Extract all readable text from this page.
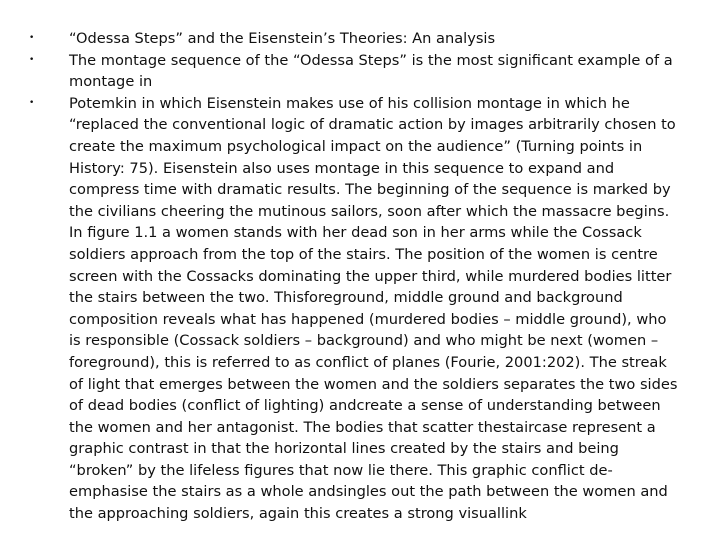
• “Odessa Steps” and the Eisenstein’s Theories: An analysis
• The montage sequence of the “Odessa Steps” is the most significant example of a montage in
• Potemkin in which Eisenstein makes use of his collision montage in which he “replaced the conventional logic of dramatic action by images arbitrarily chosen to create the maximum psychological impact on the audience” (Turning points in History: 75). Eisenstein also uses montage in this sequence to expand and compress time with dramatic results. The beginning of the sequence is marked by the civilians cheering the mutinous sailors, soon after which the massacre begins. In figure 1.1 a women stands with her dead son in her arms while the Cossack soldiers approach from the top of the stairs. The position of the women is centre screen with the Cossacks dominating the upper third, while murdered bodies litter the stairs between the two. Thisforeground, middle ground and background composition reveals what has happened (murdered bodies – middle ground), who is responsible (Cossack soldiers – background) and who might be next (women – foreground), this is referred to as conflict of planes (Fourie, 2001:202). The streak of light that emerges between the women and the soldiers separates the two sides of dead bodies (conflict of lighting) andcreate a sense of understanding between the women and her antagonist. The bodies that scatter thestaircase represent a graphic contrast in that the horizontal lines created by the stairs and being “broken” by the lifeless figures that now lie there. This graphic conflict de-emphasise the stairs as a whole andsingles out the path between the women and the approaching soldiers, again this creates a strong visuallink
